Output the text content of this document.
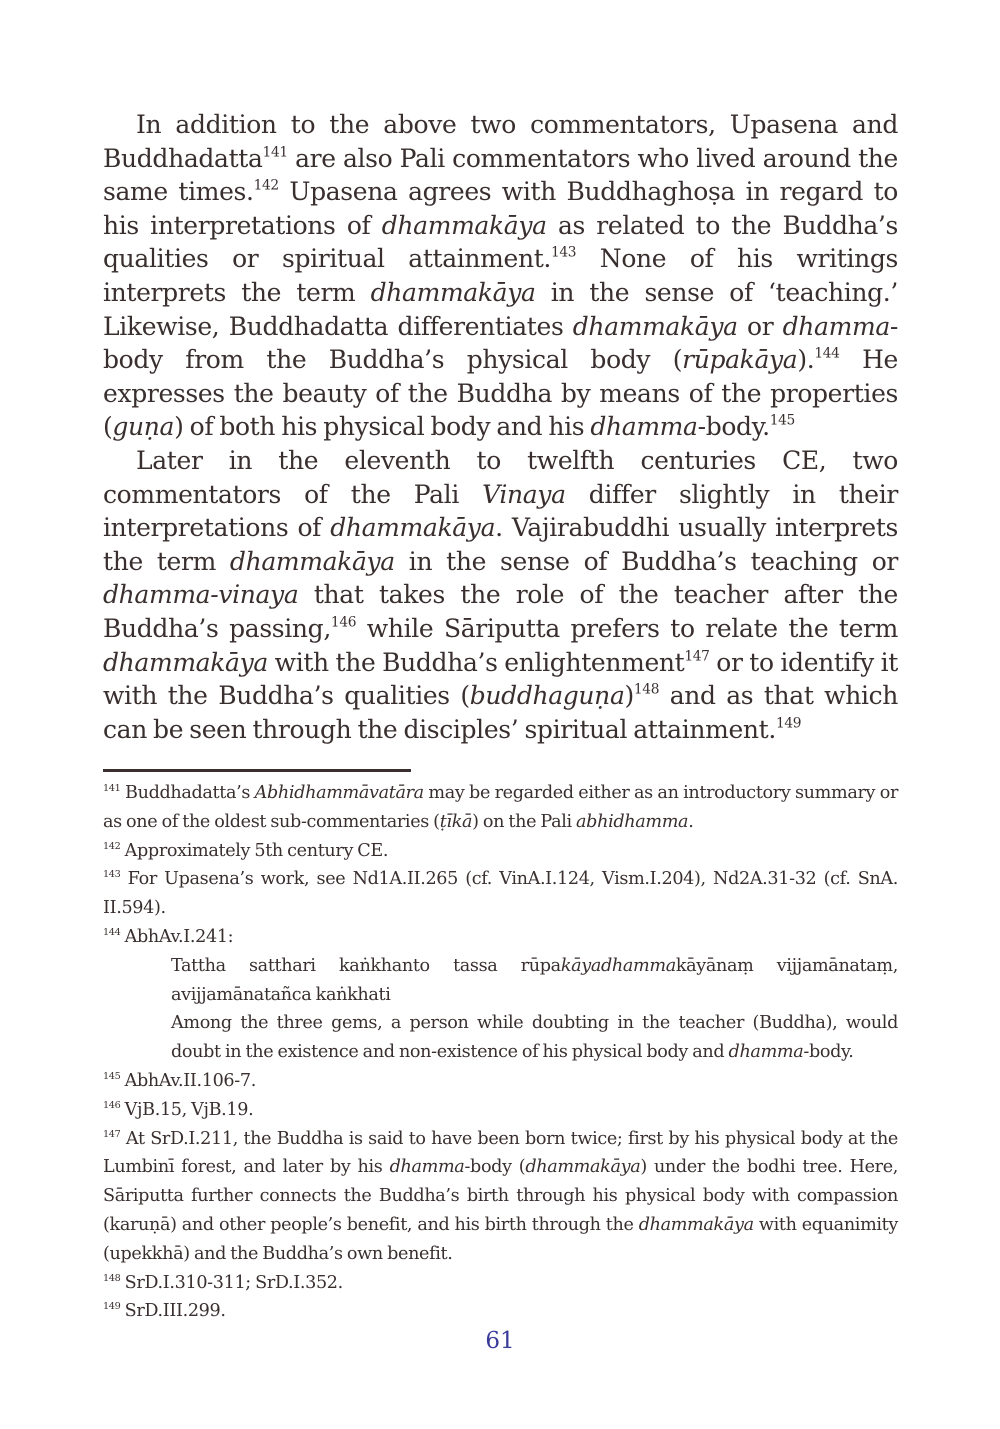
In addition to the above two commentators, Upasena and Buddhadatta$^{141}$ are also Pali commentators who lived around the same times.$^{142}$ Upasena agrees with Buddhaghoṣa in regard to his interpretations of dhammakāya as related to the Buddha’s qualities or spiritual attainment.$^{143}$ None of his writings interprets the term dhammakāya in the sense of ‘teaching.’ Likewise, Buddhadatta differentiates dhammakāya or dhamma-body from the Buddha’s physical body (rūpakāya).$^{144}$ He expresses the beauty of the Buddha by means of the properties (guṇa) of both his physical body and his dhamma-body.$^{145}$

Later in the eleventh to twelfth centuries CE, two commentators of the Pali Vinaya differ slightly in their interpretations of dhammakāya. Vajirabuddhi usually interprets the term dhammakāya in the sense of Buddha’s teaching or dhamma-vinaya that takes the role of the teacher after the Buddha’s passing,$^{146}$ while Sāriputta prefers to relate the term dhammakāya with the Buddha’s enlightenment$^{147}$ or to identify it with the Buddha’s qualities (buddhaguṇa)$^{148}$ and as that which can be seen through the disciples’ spiritual attainment.$^{149}$

$^{141}$ Buddhadatta’s Abhidhammāvatāra may be regarded either as an introductory summary or as one of the oldest sub-commentaries (ṭīkā) on the Pali abhidhamma.

$^{142}$ Approximately 5th century CE.

$^{143}$ For Upasena’s work, see Nd1A.II.265 (cf. VinA.I.124, Vism.I.204), Nd2A.31-32 (cf. SnA. II.594).

$^{144}$ AbhAv.I.241:

Tattha satthari kaṅkhanto tassa rūpakāyadhammakāyānaṃ vijjamānataṃ, avijjamānatañca kaṅkhati

Among the three gems, a person while doubting in the teacher (Buddha), would doubt in the existence and non-existence of his physical body and dhamma-body.

$^{145}$ AbhAv.II.106-7.

$^{146}$ VjB.15, VjB.19.

$^{147}$ At SrD.I.211, the Buddha is said to have been born twice; first by his physical body at the Lumbinī forest, and later by his dhamma-body (dhammakāya) under the bodhi tree. Here, Sāriputta further connects the Buddha’s birth through his physical body with compassion (karuṇā) and other people’s benefit, and his birth through the dhammakāya with equanimity (upekkhā) and the Buddha’s own benefit.

$^{148}$ SrD.I.310-311; SrD.I.352.

$^{149}$ SrD.III.299.

61
